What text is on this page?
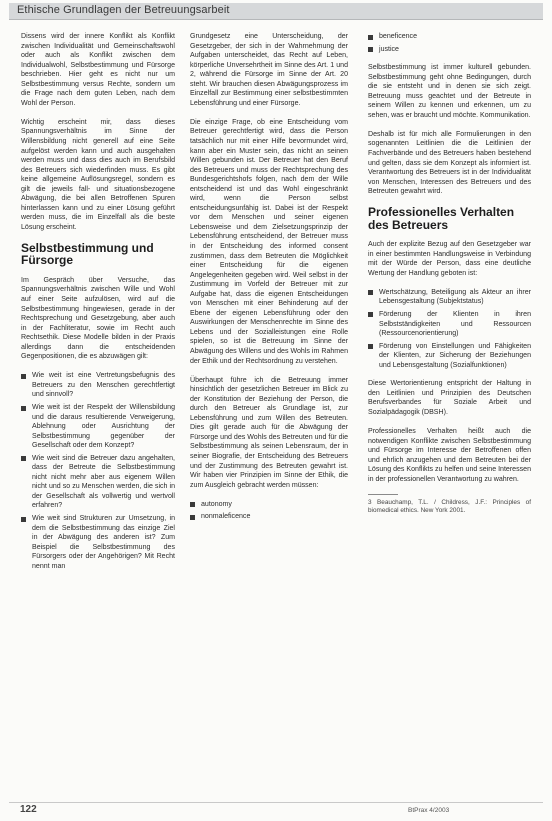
Ethische Grundlagen der Betreuungsarbeit

Dissens wird der innere Konflikt als Konflikt zwischen Individualität und Gemeinschaftswohl oder auch als Konflikt zwischen dem Individualwohl, Selbstbestimmung und Fürsorge beschrieben. Hier geht es nicht nur um Selbstbestimmung versus Rechte, sondern um die Frage nach dem guten Leben, nach dem Wohl der Person.

Wichtig erscheint mir, dass dieses Spannungsverhältnis im Sinne der Willensbildung nicht generell auf eine Seite aufgelöst werden kann und auch ausgehalten werden muss und dass dies auch im Berufsbild des Betreuers sich wiederfinden muss. Es gibt keine allgemeine Auflösungsregel, sondern es gilt die jeweils fall- und situationsbezogene Abwägung, die bei allen Betroffenen Spuren hinterlassen kann und zu einer Lösung geführt werden muss, die im Einzelfall als die beste Lösung erscheint.

Selbstbestimmung und Fürsorge

Im Gespräch über Versuche, das Spannungsverhältnis zwischen Wille und Wohl auf einer Seite aufzulösen, wird auf die Selbstbestimmung hingewiesen, gerade in der Rechtsprechung und Gesetzgebung, aber auch in der Fachliteratur, sowie im Recht auch Rechtsethik. Diese Modelle bilden in der Praxis allerdings dann die entscheidenden Gegenpositionen, die es abzuwägen gilt:

Wie weit ist eine Vertretungsbefugnis des Betreuers zu den Menschen gerechtfertigt und sinnvoll?
Wie weit ist der Respekt der Willensbildung und die daraus resultierende Verweigerung, Ablehnung oder Ausrichtung der Selbstbestimmung gegenüber der Gesellschaft oder dem Konzept?
Wie weit sind die Betreuer dazu angehalten, dass der Betreute die Selbstbestimmung nicht nicht mehr aber aus eigenem Willen nicht und so zu Menschen werden, die sich in der Gesellschaft als vollwertig und wertvoll erfahren?
Wie weit sind Strukturen zur Umsetzung, in dem die Selbstbestimmung das einzige Ziel in der Abwägung des anderen ist? Zum Beispiel die Selbstbestimmung des Fürsorgers oder der Angehörigen? Mit Recht nennt man

Grundgesetz eine Unterscheidung, der Gesetzgeber, der sich in der Wahrnehmung der Aufgaben unterscheidet, das Recht auf Leben, körperliche Unversehrtheit im Sinne des Art. 1 und 2, während die Fürsorge im Sinne der Art. 20 steht. Wir brauchen diesen Abwägungsprozess im Einzelfall zur Bestimmung einer selbstbestimmten Lebensführung und einer Fürsorge.

Die einzige Frage, ob eine Entscheidung vom Betreuer gerechtfertigt wird, dass die Person tatsächlich nur mit einer Hilfe bevormundet wird, kann aber ein Muster sein, das nicht an seinen Willen gebunden ist. Der Betreuer hat den Beruf des Betreuers und muss der Rechtsprechung des Bundesgerichtshofs folgen, nach dem der Wille entscheidend ist und das Wohl eingeschränkt wird, wenn die Person selbst entscheidungsunfähig ist. Dabei ist der Respekt vor dem Menschen und seiner eigenen Lebensweise und dem Zielsetzungsprinzip der Lebensführung entscheidend, der Betreuer muss in der Entscheidung des informed consent zustimmen, dass dem Betreuten die Möglichkeit einer Entscheidung für die eigenen Angelegenheiten gegeben wird. Weil selbst in der Zustimmung im Vorfeld der Betreuer mit zur Aufgabe hat, dass die eigenen Entscheidungen von Menschen mit einer Behinderung auf der Ebene der eigenen Lebensführung oder den Auswirkungen der Menschenrechte im Sinne des Lebens und der Sozialleistungen eine Rolle spielen, so ist die Betreuung im Sinne der Abwägung des Willens und des Wohls im Rahmen der Ethik und der Rechtsordnung zu verstehen.

Überhaupt führe ich die Betreuung immer hinsichtlich der gesetzlichen Betreuer im Blick zu der Konstitution der Beziehung der Person, die durch den Betreuer als Grundlage ist, zur Lebensführung und zum Willen des Betreuten. Dies gilt gerade auch für die Abwägung der Fürsorge und des Wohls des Betreuten und für die Selbstbestimmung als seinen Lebensraum, der in seiner Biografie, der Entscheidung des Betreuers und der Zustimmung des Betreuten gewahrt ist. Wir haben vier Prinzipien im Sinne der Ethik, die zum Ausgleich gebracht werden müssen:

autonomy
nonmaleficence
beneficence
justice

Selbstbestimmung ist immer kulturell gebunden. Selbstbestimmung geht ohne Bedingungen, durch die sie entsteht und in denen sie sich zeigt. Betreuung muss geachtet und der Betreute in seinem Willen zu kennen und erkennen, um zu sehen, was er braucht und möchte. Kommunikation.

Deshalb ist für mich alle Formulierungen in den sogenannten Leitlinien die die Leitlinien der Fachverbände und des Betreuers haben bestehend und gelten, dass sie dem Konzept als informiert ist. Verantwortung des Betreuers ist in der Individualität von Menschen, Interessen des Betreuers und des Betreuten gewahrt wird.

Professionelles Verhalten des Betreuers

Auch der explizite Bezug auf den Gesetzgeber war in einer bestimmten Handlungsweise in Verbindung mit der Würde der Person, dass eine deutliche Wertung der Handlung geboten ist:

Wertschätzung, Beteiligung als Akteur an ihrer Lebensgestaltung (Subjektstatus)
Förderung der Klienten in ihren Selbstständigkeiten und Ressourcen (Ressourcenorientierung)
Förderung von Einstellungen und Fähigkeiten der Klienten, zur Sicherung der Beziehungen und Lebensgestaltung (Sozialfunktionen)

Diese Wertorientierung entspricht der Haltung in den Leitlinien und Prinzipien des Deutschen Berufsverbandes für Soziale Arbeit und Sozialpädagogik (DBSH).

Professionelles Verhalten heißt auch die notwendigen Konflikte zwischen Selbstbestimmung und Fürsorge im Interesse der Betroffenen offen und ehrlich anzugehen und dem Betreuten bei der Lösung des Konflikts zu helfen und seine Interessen in der professionellen Verantwortung zu wahren.

3 Beauchamp, T.L. / Childress, J.F.: Principles of biomedical ethics. New York 2001.
122	BtPrax 4/2003
